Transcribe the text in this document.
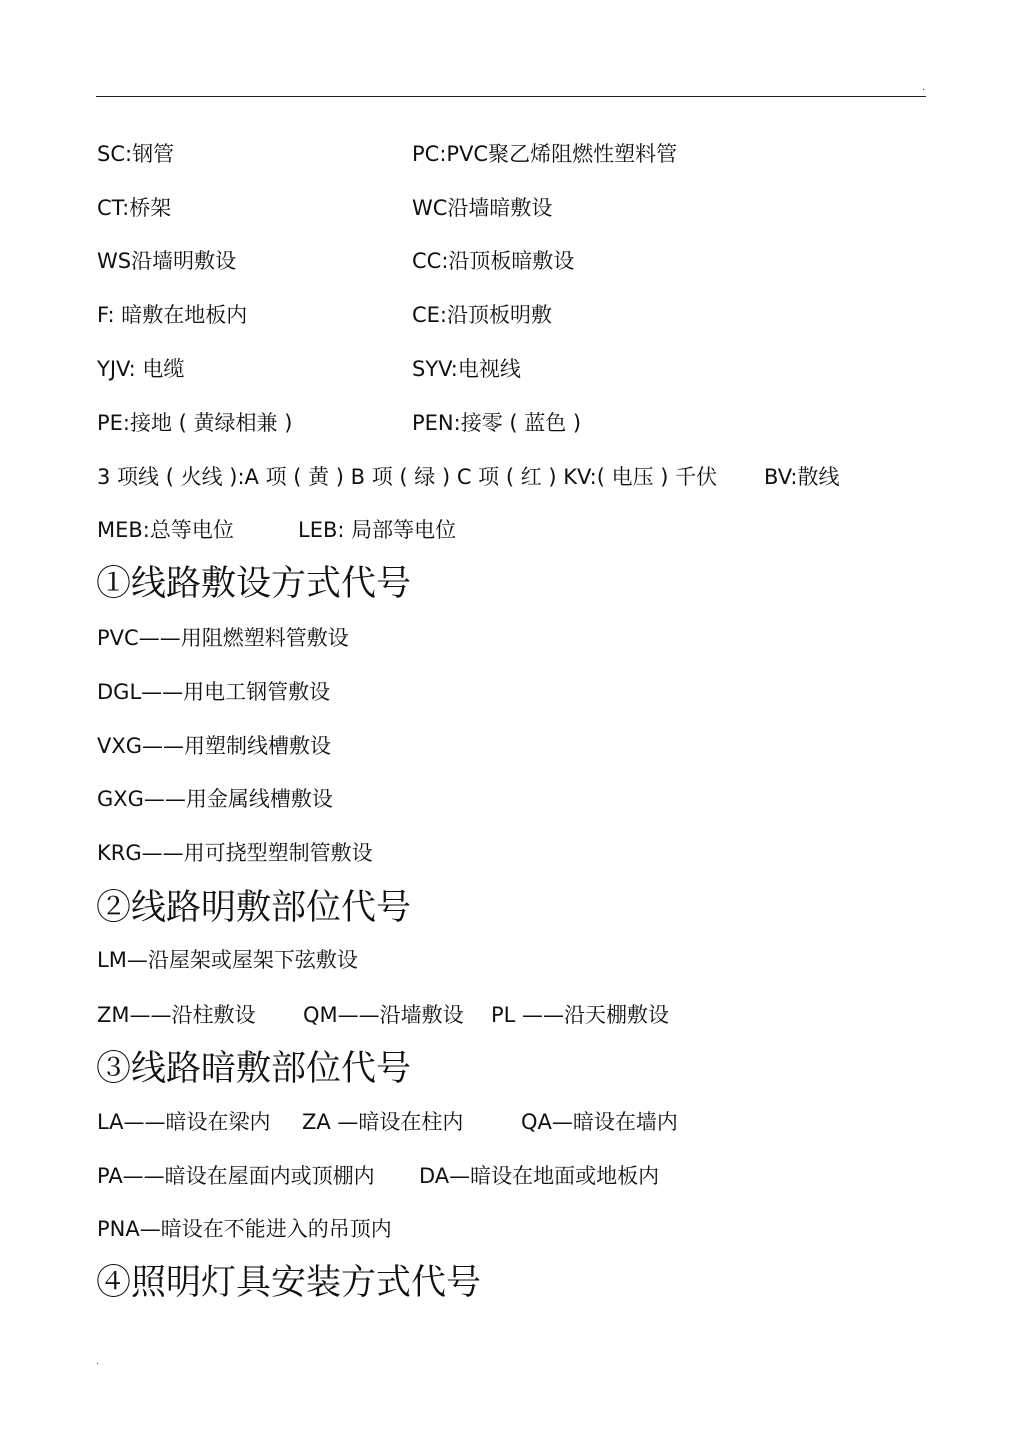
.
SC:钢管	PC:PVC聚乙烯阻燃性塑料管
CT:桥架	WC沿墙暗敷设
WS沿墙明敷设	CC:沿顶板暗敷设
F: 暗敷在地板内	CE:沿顶板明敷
YJV: 电缆	SYV:电视线
PE:接地 ( 黄绿相兼 )	PEN:接零 ( 蓝色 )
3 项线 ( 火线 ):A 项 ( 黄 ) B 项 ( 绿 ) C 项 ( 红 ) KV:( 电压 ) 千伏 BV:散线
MEB:总等电位	LEB: 局部等电位
①线路敷设方式代号
PVC——用阻燃塑料管敷设
DGL——用电工钢管敷设
VXG——用塑制线槽敷设
GXG——用金属线槽敷设
KRG——用可挠型塑制管敷设
②线路明敷部位代号
LM—沿屋架或屋架下弦敷设
ZM——沿柱敷设 QM——沿墙敷设 PL ——沿天棚敷设
③线路暗敷部位代号
LA——暗设在梁内 ZA —暗设在柱内	QA—暗设在墙内
PA——暗设在屋面内或顶棚内 DA—暗设在地面或地板内
PNA—暗设在不能进入的吊顶内
④照明灯具安装方式代号
.
